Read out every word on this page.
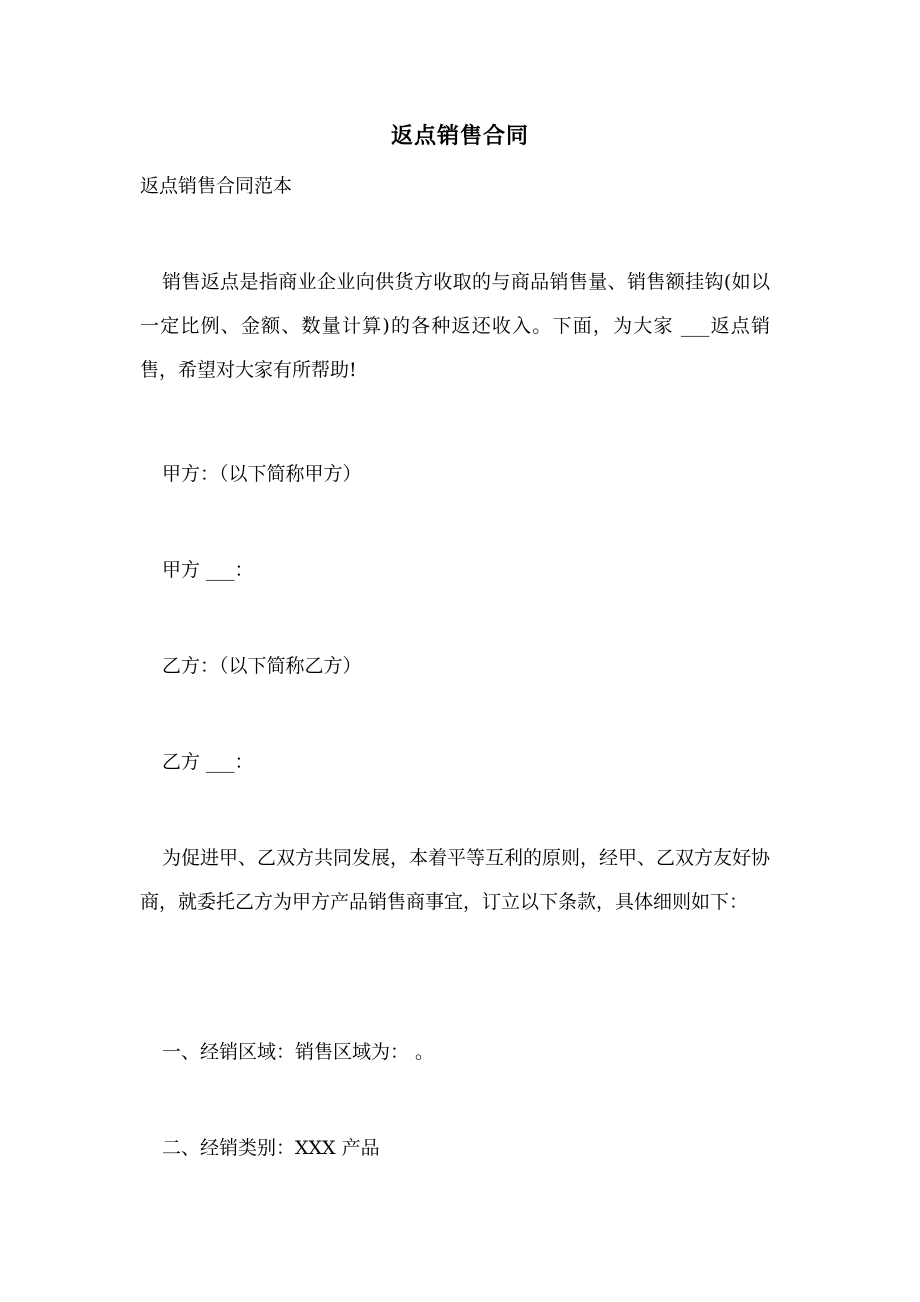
返点销售合同
返点销售合同范本
销售返点是指商业企业向供货方收取的与商品销售量、销售额挂钩(如以一定比例、金额、数量计算)的各种返还收入。下面，为大家 ___返点销售，希望对大家有所帮助!
甲方：（以下简称甲方）
甲方 ___：
乙方：（以下简称乙方）
乙方 ___：
为促进甲、乙双方共同发展，本着平等互利的原则，经甲、乙双方友好协商，就委托乙方为甲方产品销售商事宜，订立以下条款，具体细则如下：
一、经销区域：销售区域为： 。
二、经销类别：XXX 产品
